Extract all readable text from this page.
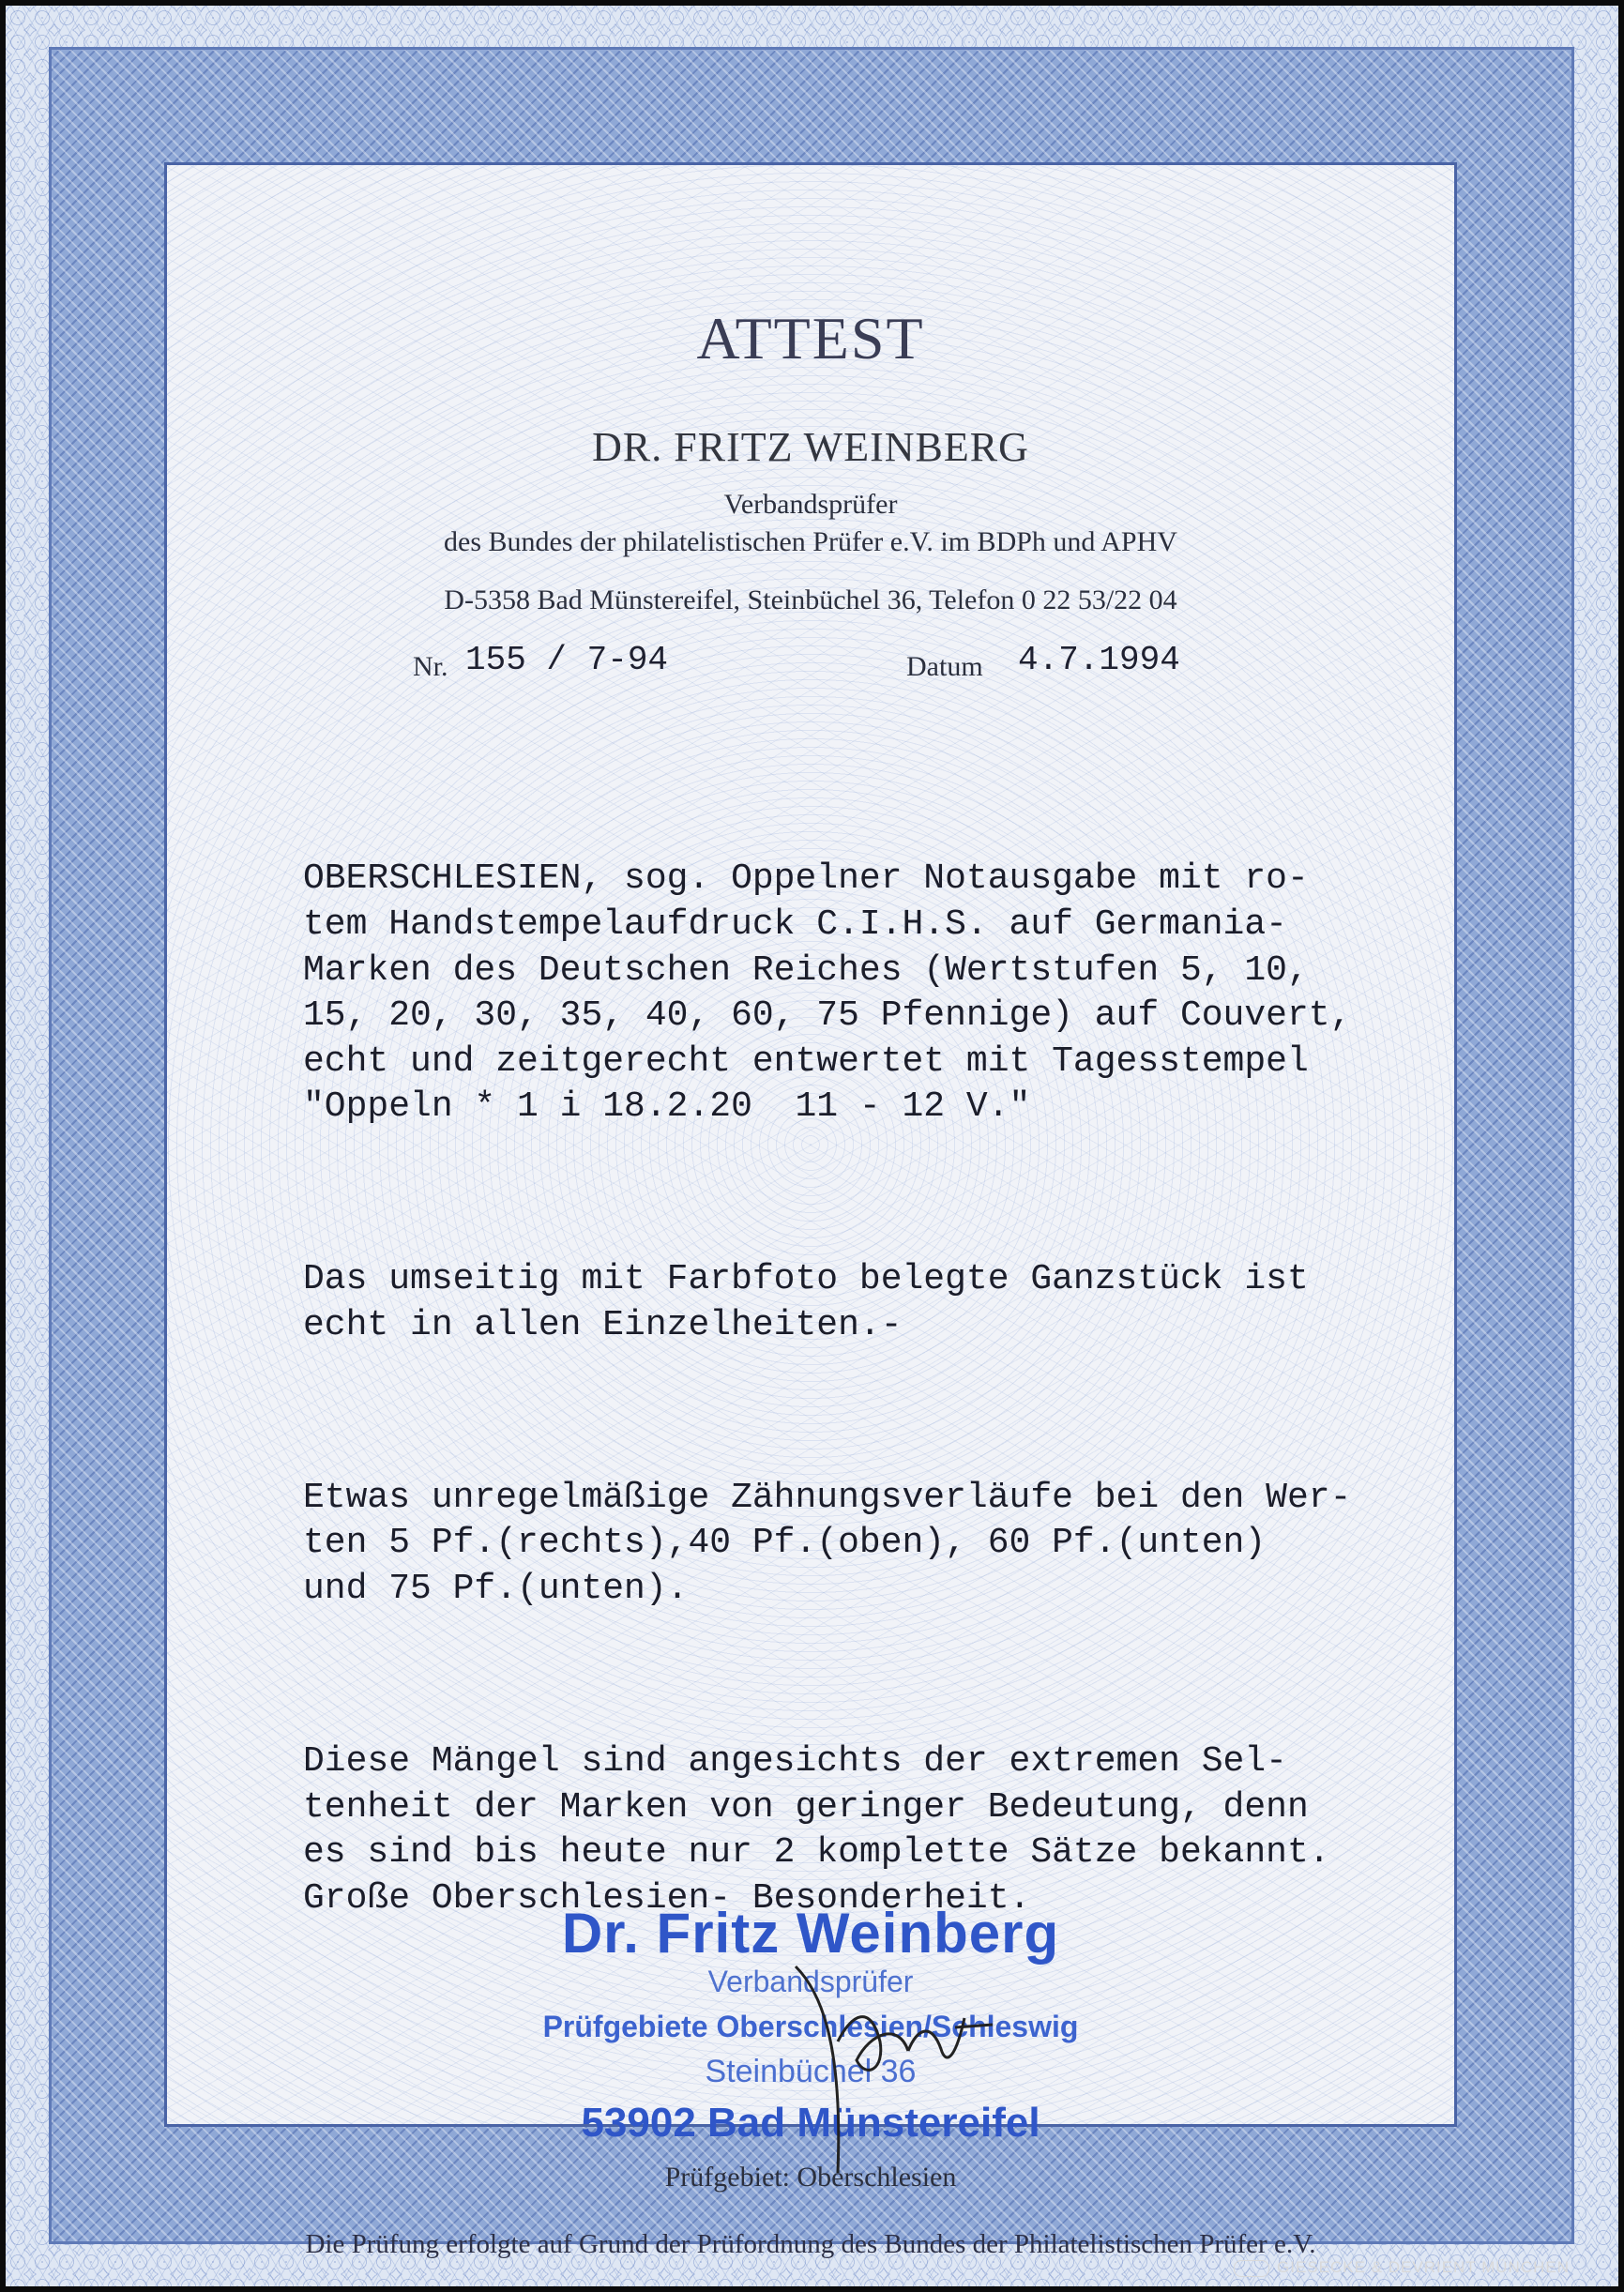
ATTEST
DR. FRITZ WEINBERG
Verbandsprüfer
des Bundes der philatelistischen Prüfer e.V. im BDPh und APHV
D-5358 Bad Münstereifel, Steinbüchel 36, Telefon 0 22 53/22 04
Nr. 155 / 7-94	Datum 4.7.1994

OBERSCHLESIEN, sog. Oppelner Notausgabe mit ro-
tem Handstempelaufdruck C.I.H.S. auf Germania-
Marken des Deutschen Reiches (Wertstufen 5, 10,
15, 20, 30, 35, 40, 60, 75 Pfennige) auf Couvert,
echt und zeitgerecht entwertet mit Tagesstempel
"Oppeln * 1 i 18.2.20  11 - 12 V."

Das umseitig mit Farbfoto belegte Ganzstück ist
echt in allen Einzelheiten.-

Etwas unregelmäßige Zähnungsverläufe bei den Wer-
ten 5 Pf.(rechts),40 Pf.(oben), 60 Pf.(unten)
und 75 Pf.(unten).

Diese Mängel sind angesichts der extremen Sel-
tenheit der Marken von geringer Bedeutung, denn
es sind bis heute nur 2 komplette Sätze bekannt.
Große Oberschlesien- Besonderheit.

Dr. Fritz Weinberg
Verbandsprüfer
Prüfgebiete Oberschlesien/Schleswig
Steinbüchel 36
53902 Bad Münstereifel
Prüfgebiet: Oberschlesien
Die Prüfung erfolgte auf Grund der Prüfordnung des Bundes der Philatelistischen Prüfer e.V.
GIESECKE & DEVRIENT MÜNCHEN
